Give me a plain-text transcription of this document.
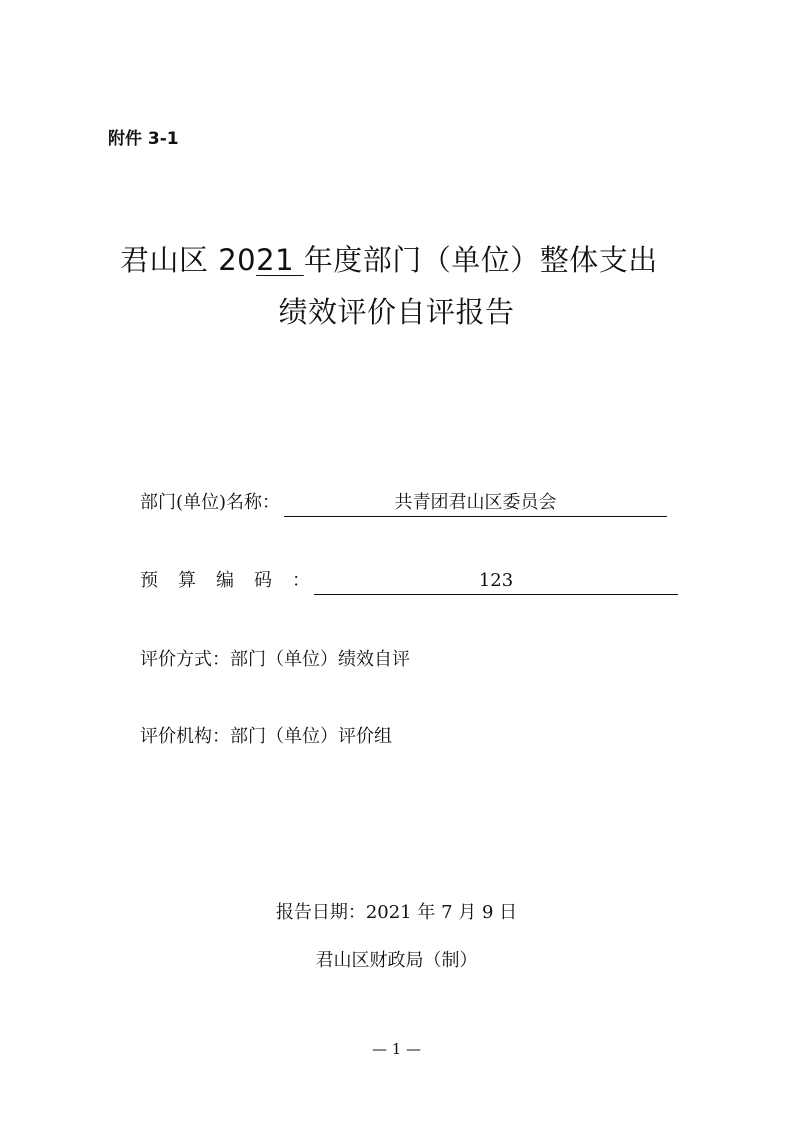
附件 3-1
君山区 2021 年度部门（单位）整体支出
绩效评价自评报告
部门(单位)名称：	共青团君山区委员会
预算编码：	123
评价方式：部门（单位）绩效自评
评价机构：部门（单位）评价组
报告日期：2021 年 7 月 9 日
君山区财政局（制）
— 1 —
